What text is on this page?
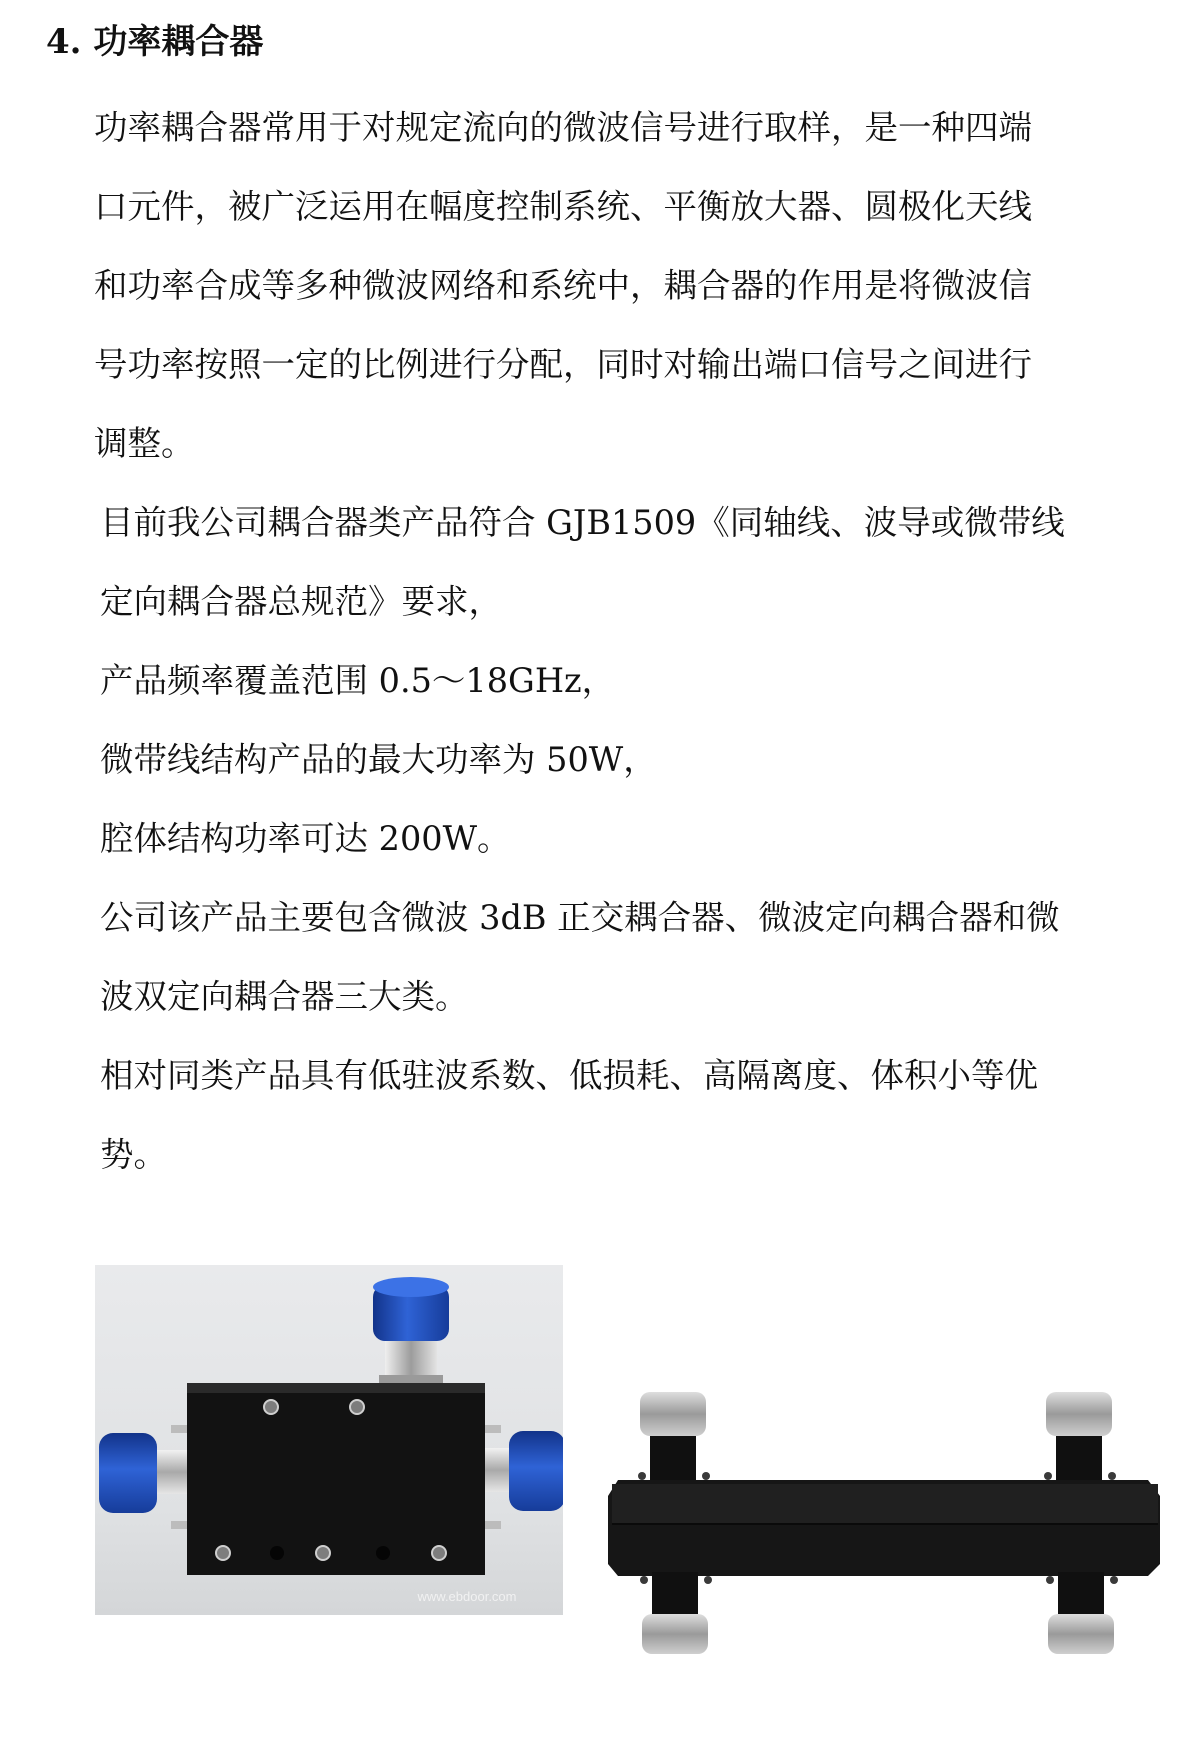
4. 功率耦合器

功率耦合器常用于对规定流向的微波信号进行取样，是一种四端

口元件，被广泛运用在幅度控制系统、平衡放大器、圆极化天线

和功率合成等多种微波网络和系统中，耦合器的作用是将微波信

号功率按照一定的比例进行分配，同时对输出端口信号之间进行

调整。

目前我公司耦合器类产品符合 GJB1509《同轴线、波导或微带线

定向耦合器总规范》要求，

产品频率覆盖范围 0.5～18GHz，

微带线结构产品的最大功率为 50W，

腔体结构功率可达 200W。

公司该产品主要包含微波 3dB 正交耦合器、微波定向耦合器和微

波双定向耦合器三大类。

相对同类产品具有低驻波系数、低损耗、高隔离度、体积小等优

势。

www.ebdoor.com
